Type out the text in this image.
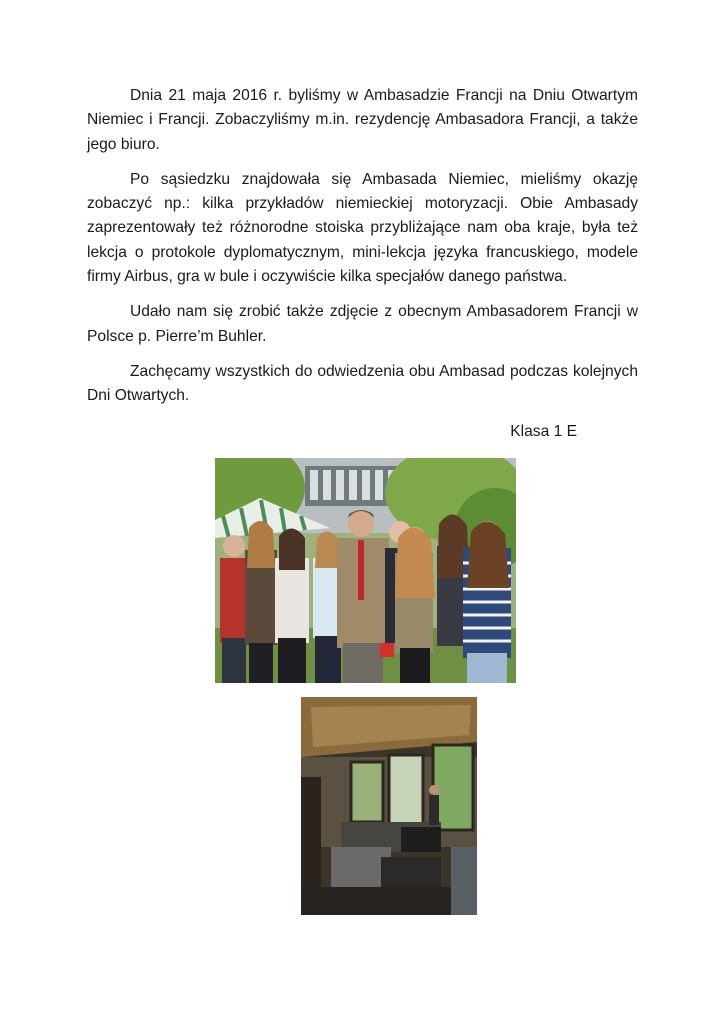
Dnia 21 maja 2016 r. byliśmy w Ambasadzie Francji na Dniu Otwartym Niemiec i Francji. Zobaczyliśmy m.in. rezydencję Ambasadora Francji, a także jego biuro.

Po sąsiedzku znajdowała się Ambasada Niemiec, mieliśmy okazję zobaczyć np.: kilka przykładów niemieckiej motoryzacji. Obie Ambasady zaprezentowały też różnorodne stoiska przybliżające nam oba kraje, była też lekcja o protokole dyplomatycznym, mini-lekcja języka francuskiego, modele firmy Airbus, gra w bule i oczywiście kilka specjałów danego państwa.

Udało nam się zrobić także zdjęcie z obecnym Ambasadorem Francji w Polsce p. Pierre’m Buhler.

Zachęcamy wszystkich do odwiedzenia obu Ambasad podczas kolejnych Dni Otwartych.

Klasa 1 E
